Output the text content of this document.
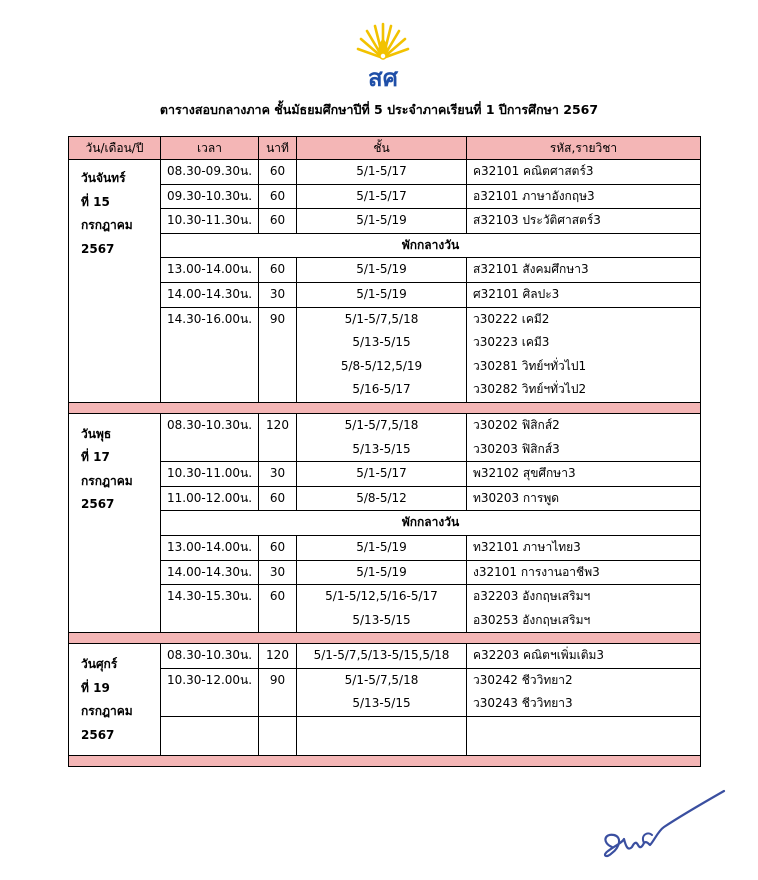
สศ
ตารางสอบกลางภาค ชั้นมัธยมศึกษาปีที่ 5 ประจำภาคเรียนที่ 1 ปีการศึกษา 2567
วัน/เดือน/ปี	เวลา	นาที	ชั้น	รหัส,รายวิชา

วันจันทร์
ที่ 15
กรกฎาคม
2567	08.30-09.30น.	60	5/1-5/17	ค32101 คณิตศาสตร์3

	09.30-10.30น.	60	5/1-5/17	อ32101 ภาษาอังกฤษ3

	10.30-11.30น.	60	5/1-5/19	ส32103 ประวัติศาสตร์3

	พักกลางวัน			
	13.00-14.00น.	60	5/1-5/19	ส32101 สังคมศึกษา3

	14.00-14.30น.	30	5/1-5/19	ศ32101 ศิลปะ3

	14.30-16.00น.	90	5/1-5/7,5/18
5/13-5/15
5/8-5/12,5/19
5/16-5/17	ว30222 เคมี2
ว30223 เคมี3
ว30281 วิทย์ฯทั่วไป1
ว30282 วิทย์ฯทั่วไป2

วันพุธ
ที่ 17
กรกฎาคม
2567	08.30-10.30น.	120	5/1-5/7,5/18
5/13-5/15	ว30202 ฟิสิกส์2
ว30203 ฟิสิกส์3

	10.30-11.00น.	30	5/1-5/17	พ32102 สุขศึกษา3

	11.00-12.00น.	60	5/8-5/12	ท30203 การพูด

	พักกลางวัน			
	13.00-14.00น.	60	5/1-5/19	ท32101 ภาษาไทย3

	14.00-14.30น.	30	5/1-5/19	ง32101 การงานอาชีพ3

	14.30-15.30น.	60	5/1-5/12,5/16-5/17
5/13-5/15	อ32203 อังกฤษเสริมฯ
อ30253 อังกฤษเสริมฯ

วันศุกร์
ที่ 19
กรกฎาคม
2567	08.30-10.30น.	120	5/1-5/7,5/13-5/15,5/18	ค32203 คณิตฯเพิ่มเติม3

	10.30-12.00น.	90	5/1-5/7,5/18
5/13-5/15	ว30242 ชีววิทยา2
ว30243 ชีววิทยา3
